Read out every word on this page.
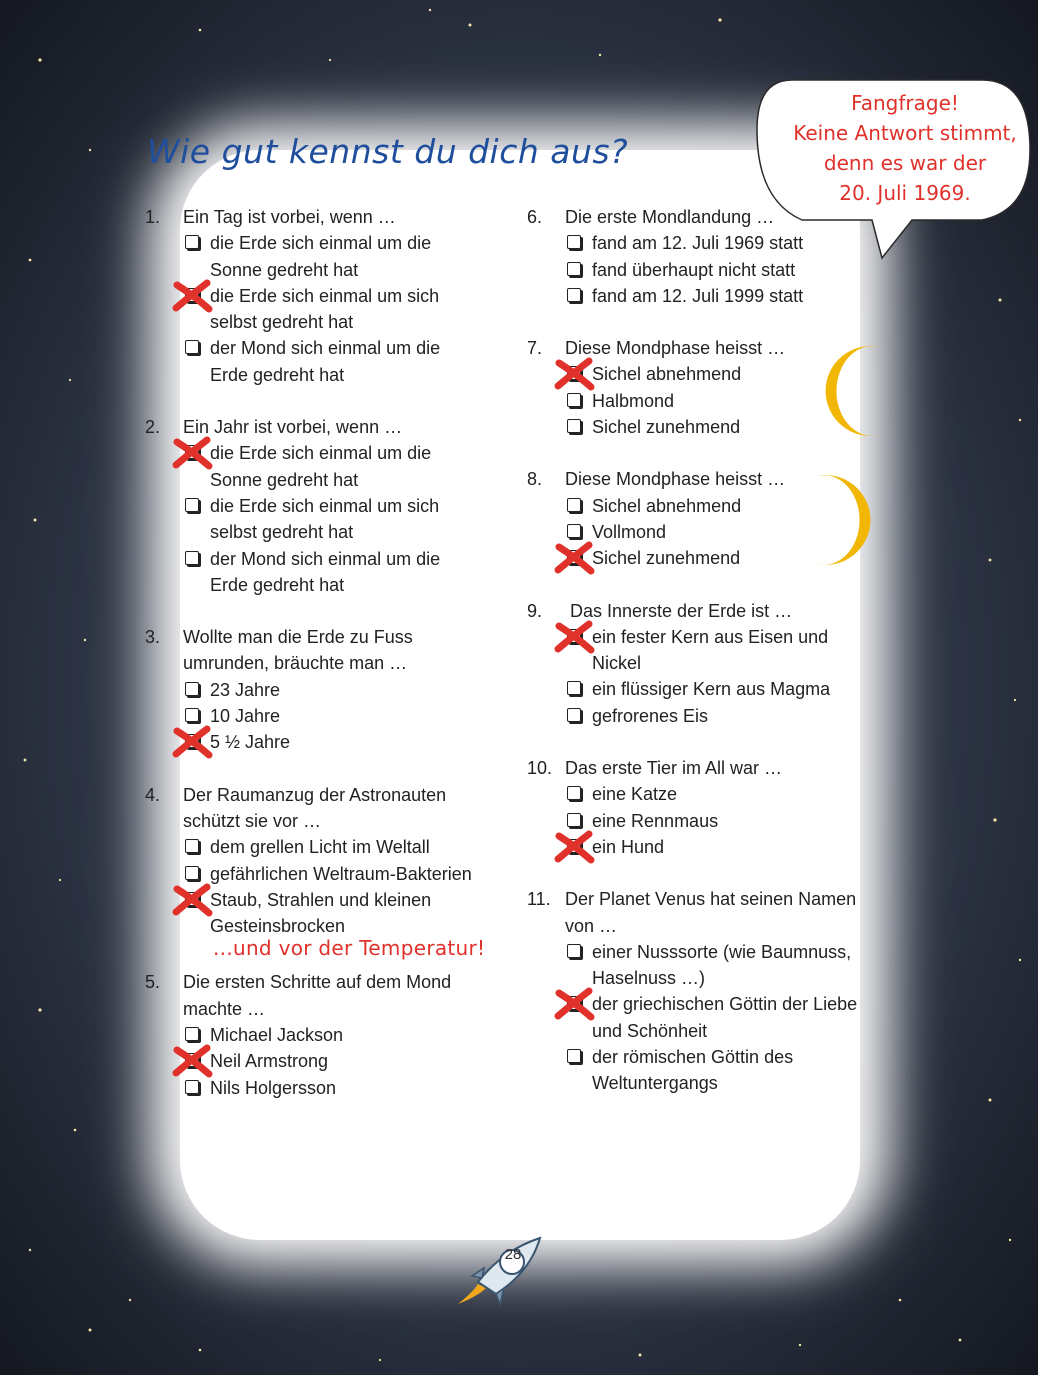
Wie gut kennst du dich aus?
Fangfrage!
Keine Antwort stimmt,
denn es war der
20. Juli 1969.
1.	Ein Tag ist vorbei, wenn …
die Erde sich einmal um die
Sonne gedreht hat
die Erde sich einmal um sich
selbst gedreht hat
der Mond sich einmal um die
Erde gedreht hat
2.	Ein Jahr ist vorbei, wenn …
die Erde sich einmal um die
Sonne gedreht hat
die Erde sich einmal um sich
selbst gedreht hat
der Mond sich einmal um die
Erde gedreht hat
3.	Wollte man die Erde zu Fuss
umrunden, bräuchte man …
23 Jahre
10 Jahre
5 ½ Jahre
4.	Der Raumanzug der Astronauten
schützt sie vor …
dem grellen Licht im Weltall
gefährlichen Weltraum-Bakterien
Staub, Strahlen und kleinen
Gesteinsbrocken
...und vor der Temperatur!
5.	Die ersten Schritte auf dem Mond
machte …
Michael Jackson
Neil Armstrong
Nils Holgersson
6.	Die erste Mondlandung …
fand am 12. Juli 1969 statt
fand überhaupt nicht statt
fand am 12. Juli 1999 statt
7.	Diese Mondphase heisst …
Sichel abnehmend
Halbmond
Sichel zunehmend
8.	Diese Mondphase heisst …
Sichel abnehmend
Vollmond
Sichel zunehmend
9.	Das Innerste der Erde ist …
ein fester Kern aus Eisen und
Nickel
ein flüssiger Kern aus Magma
gefrorenes Eis
10. Das erste Tier im All war …
eine Katze
eine Rennmaus
ein Hund
11. Der Planet Venus hat seinen Namen
von …
einer Nusssorte (wie Baumnuss,
Haselnuss …)
der griechischen Göttin der Liebe
und Schönheit
der römischen Göttin des
Weltuntergangs
28
